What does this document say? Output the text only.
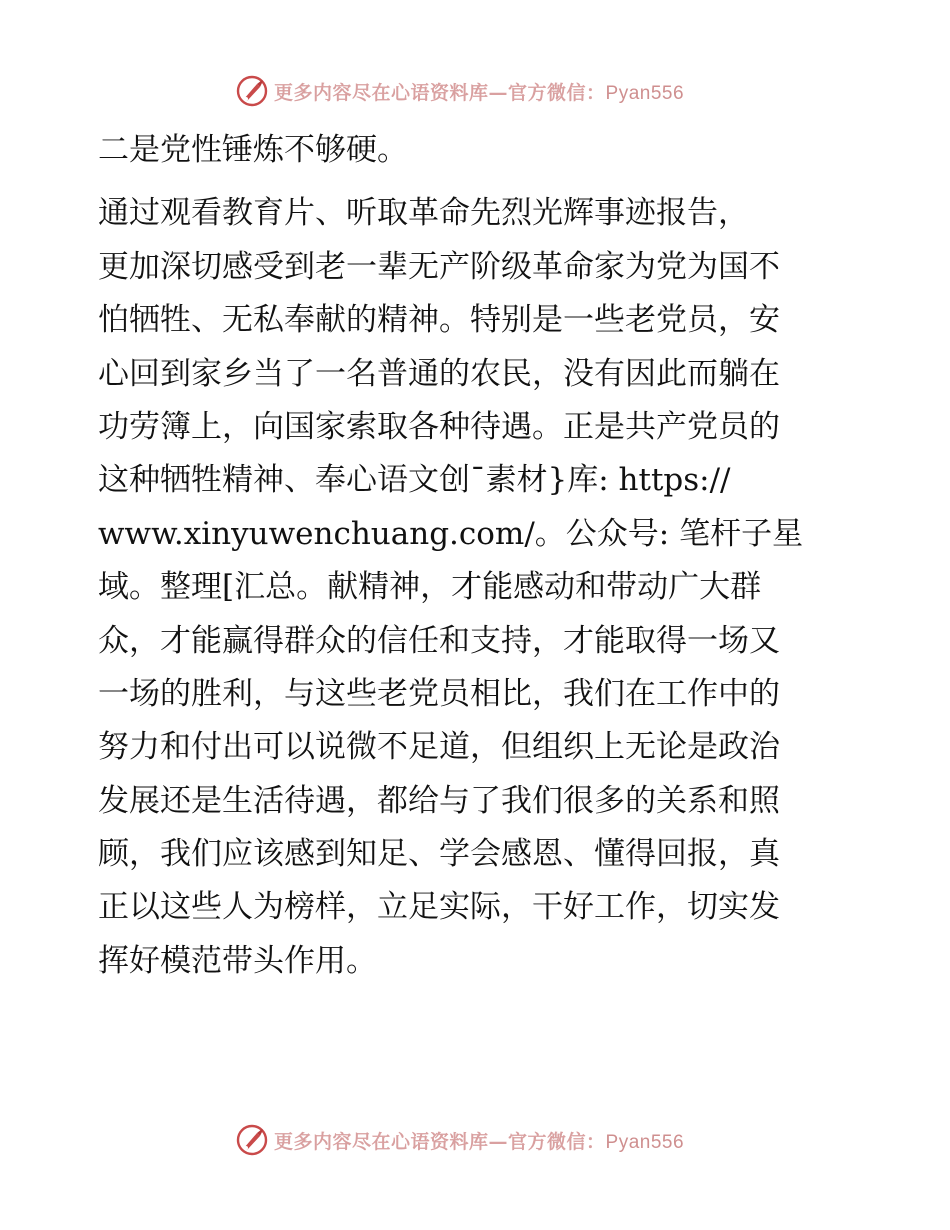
更多内容尽在心语资料库—官方微信：Pyan556
二是党性锤炼不够硬。
通过观看教育片、听取革命先烈光辉事迹报告，
更加深切感受到老一辈无产阶级革命家为党为国不
怕牺牲、无私奉献的精神。特别是一些老党员，安
心回到家乡当了一名普通的农民，没有因此而躺在
功劳簿上，向国家索取各种待遇。正是共产党员的
这种牺牲精神、奉心语文创¯素材}库: https://
www.xinyuwenchuang.com/。公众号: 笔杆子星
域。整理[汇总。献精神，才能感动和带动广大群
众，才能赢得群众的信任和支持，才能取得一场又
一场的胜利，与这些老党员相比，我们在工作中的
努力和付出可以说微不足道，但组织上无论是政治
发展还是生活待遇，都给与了我们很多的关系和照
顾，我们应该感到知足、学会感恩、懂得回报，真
正以这些人为榜样，立足实际，干好工作，切实发
挥好模范带头作用。
更多内容尽在心语资料库—官方微信：Pyan556
